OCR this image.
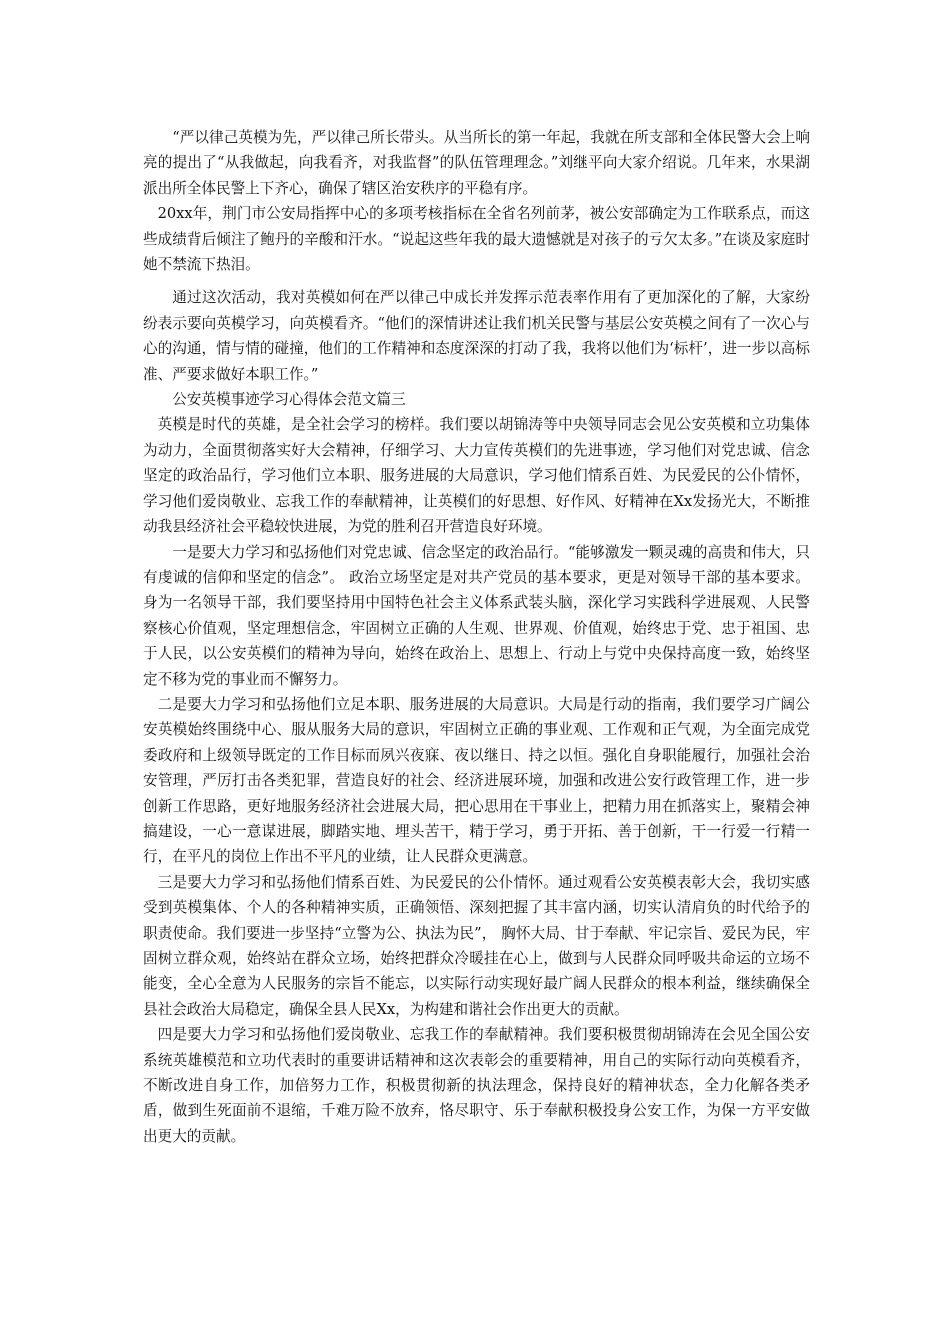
“严以律己英模为先，严以律己所长带头。从当所长的第一年起，我就在所支部和全体民警大会上响亮的提出了“从我做起，向我看齐，对我监督”的队伍管理理念。”刘继平向大家介绍说。几年来，水果湖派出所全体民警上下齐心，确保了辖区治安秩序的平稳有序。

20xx年，荆门市公安局指挥中心的多项考核指标在全省名列前茅，被公安部确定为工作联系点，而这些成绩背后倾注了鲍丹的辛酸和汗水。“说起这些年我的最大遗憾就是对孩子的亏欠太多。”在谈及家庭时她不禁流下热泪。

通过这次活动，我对英模如何在严以律己中成长并发挥示范表率作用有了更加深化的了解，大家纷纷表示要向英模学习，向英模看齐。“他们的深情讲述让我们机关民警与基层公安英模之间有了一次心与心的沟通，情与情的碰撞，他们的工作精神和态度深深的打动了我，我将以他们为‘标杆’，进一步以高标准、严要求做好本职工作。”

公安英模事迹学习心得体会范文篇三

英模是时代的英雄，是全社会学习的榜样。我们要以胡锦涛等中央领导同志会见公安英模和立功集体为动力，全面贯彻落实好大会精神，仔细学习、大力宣传英模们的先进事迹，学习他们对党忠诚、信念坚定的政治品行，学习他们立本职、服务进展的大局意识，学习他们情系百姓、为民爱民的公仆情怀，学习他们爱岗敬业、忘我工作的奉献精神，让英模们的好思想、好作风、好精神在Xx发扬光大，不断推动我县经济社会平稳较快进展，为党的胜利召开营造良好环境。

一是要大力学习和弘扬他们对党忠诚、信念坚定的政治品行。“能够激发一颗灵魂的高贵和伟大，只有虔诚的信仰和坚定的信念”。 政治立场坚定是对共产党员的基本要求，更是对领导干部的基本要求。身为一名领导干部，我们要坚持用中国特色社会主义体系武装头脑，深化学习实践科学进展观、人民警察核心价值观，坚定理想信念，牢固树立正确的人生观、世界观、价值观，始终忠于党、忠于祖国、忠于人民，以公安英模们的精神为导向，始终在政治上、思想上、行动上与党中央保持高度一致，始终坚定不移为党的事业而不懈努力。

二是要大力学习和弘扬他们立足本职、服务进展的大局意识。大局是行动的指南，我们要学习广阔公安英模始终围绕中心、服从服务大局的意识，牢固树立正确的事业观、工作观和正气观，为全面完成党委政府和上级领导既定的工作目标而夙兴夜寐、夜以继日、持之以恒。强化自身职能履行，加强社会治安管理，严厉打击各类犯罪，营造良好的社会、经济进展环境，加强和改进公安行政管理工作，进一步创新工作思路，更好地服务经济社会进展大局，把心思用在干事业上，把精力用在抓落实上，聚精会神搞建设，一心一意谋进展，脚踏实地、埋头苦干，精于学习，勇于开拓、善于创新，干一行爱一行精一行，在平凡的岗位上作出不平凡的业绩，让人民群众更满意。

三是要大力学习和弘扬他们情系百姓、为民爱民的公仆情怀。通过观看公安英模表彰大会，我切实感受到英模集体、个人的各种精神实质，正确领悟、深刻把握了其丰富内涵，切实认清肩负的时代给予的职责使命。我们要进一步坚持“立警为公、执法为民”， 胸怀大局、甘于奉献、牢记宗旨、爱民为民，牢固树立群众观，始终站在群众立场，始终把群众冷暖挂在心上，做到与人民群众同呼吸共命运的立场不能变，全心全意为人民服务的宗旨不能忘，以实际行动实现好最广阔人民群众的根本利益，继续确保全县社会政治大局稳定，确保全县人民Xx，为构建和谐社会作出更大的贡献。

四是要大力学习和弘扬他们爱岗敬业、忘我工作的奉献精神。我们要积极贯彻胡锦涛在会见全国公安系统英雄模范和立功代表时的重要讲话精神和这次表彰会的重要精神，用自己的实际行动向英模看齐，不断改进自身工作，加倍努力工作，积极贯彻新的执法理念，保持良好的精神状态，全力化解各类矛盾，做到生死面前不退缩，千难万险不放弃，恪尽职守、乐于奉献积极投身公安工作，为保一方平安做出更大的贡献。
